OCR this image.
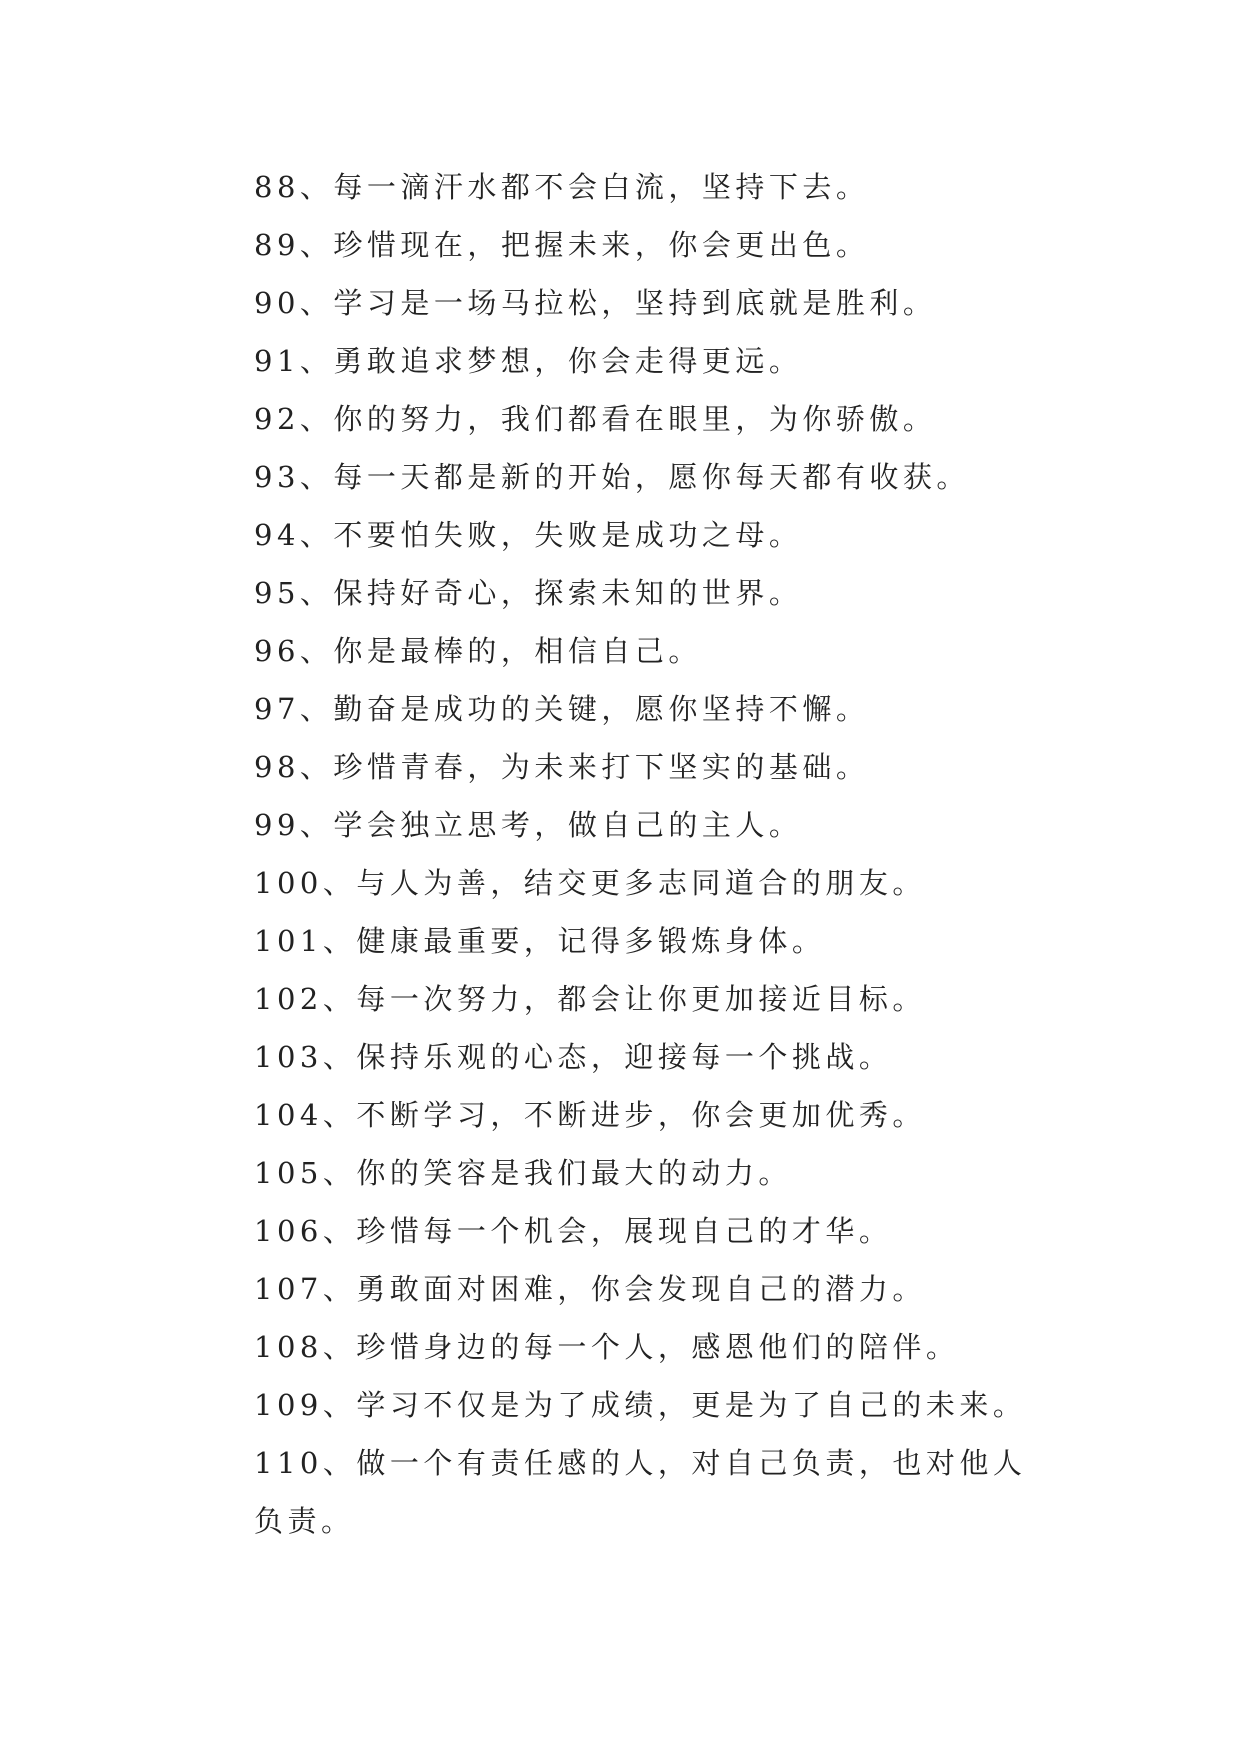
88、每一滴汗水都不会白流，坚持下去。
89、珍惜现在，把握未来，你会更出色。
90、学习是一场马拉松，坚持到底就是胜利。
91、勇敢追求梦想，你会走得更远。
92、你的努力，我们都看在眼里，为你骄傲。
93、每一天都是新的开始，愿你每天都有收获。
94、不要怕失败，失败是成功之母。
95、保持好奇心，探索未知的世界。
96、你是最棒的，相信自己。
97、勤奋是成功的关键，愿你坚持不懈。
98、珍惜青春，为未来打下坚实的基础。
99、学会独立思考，做自己的主人。
100、与人为善，结交更多志同道合的朋友。
101、健康最重要，记得多锻炼身体。
102、每一次努力，都会让你更加接近目标。
103、保持乐观的心态，迎接每一个挑战。
104、不断学习，不断进步，你会更加优秀。
105、你的笑容是我们最大的动力。
106、珍惜每一个机会，展现自己的才华。
107、勇敢面对困难，你会发现自己的潜力。
108、珍惜身边的每一个人，感恩他们的陪伴。
109、学习不仅是为了成绩，更是为了自己的未来。
110、做一个有责任感的人，对自己负责，也对他人负责。
